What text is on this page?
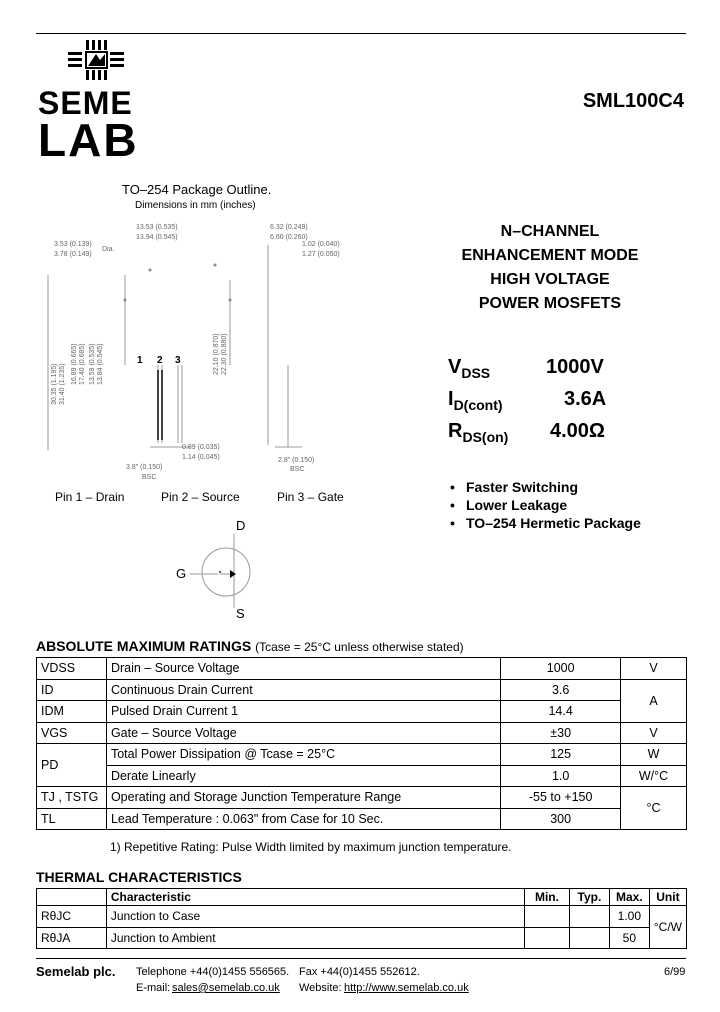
SEME
LAB
SML100C4
TO–254 Package Outline.
Dimensions in mm (inches)
13.53 (0.535)
13.94 (0.545)
3.53 (0.139)
3.78 (0.149)
Dia.
6.32 (0.249)
6.60 (0.260)
1.02 (0.040)
1.27 (0.050)
0.89 (0.035)
1.14 (0.045)
3.8" (0.150)
BSC
2.8" (0.150)
BSC
16.89 (0.665) 17.40 (0.685) 13.59 (0.535) 13.84 (0.545)	22.10 (0.870) 22.30 (0.880)
30.35 (1.195) 31.40 (1.235)
1 2 3
Pin 1 – Drain	Pin 2 – Source	Pin 3 – Gate
D
G
S
N–CHANNEL
ENHANCEMENT MODE
HIGH VOLTAGE
POWER MOSFETS
$V_{DSS}$	1000V
$I_{D(cont)}$	3.6A
$R_{DS(on)}$ 4.00Ω
• Faster Switching
• Lower Leakage
• TO–254 Hermetic Package
ABSOLUTE MAXIMUM RATINGS (Tcase = 25°C unless otherwise stated)
VDSS	Drain – Source Voltage	1000	V
ID	Continuous Drain Current	3.6	A
IDM	Pulsed Drain Current 1	14.4	
VGS	Gate – Source Voltage	±30	V
PD	Total Power Dissipation @ Tcase = 25°C	125	W
	Derate Linearly	1.0	W/°C
TJ , TSTG	Operating and Storage Junction Temperature Range	-55 to +150	°C
TL	Lead Temperature : 0.063" from Case for 10 Sec.	300	
1) Repetitive Rating: Pulse Width limited by maximum junction temperature.
THERMAL CHARACTERISTICS
	Characteristic	Min.	Typ.	Max.	Unit
RθJC	Junction to Case			1.00	°C/W
RθJA	Junction to Ambient			50	
Semelab plc. Telephone +44(0)1455 556565. Fax +44(0)1455 552612.	6/99
E-mail: sales@semelab.co.uk Website: http://www.semelab.co.uk
